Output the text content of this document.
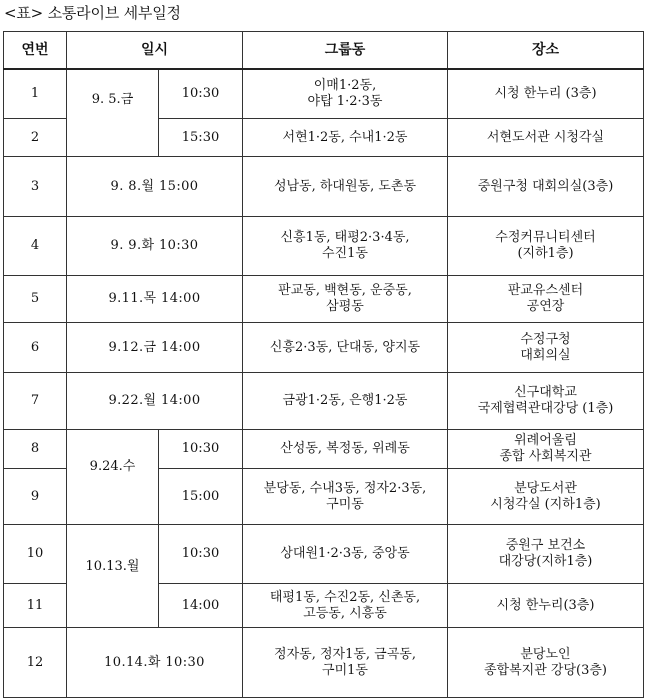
<표> 소통라이브 세부일정
연번	일시		그룹동	장소
1	9. 5.금	10:30	이매1·2동,
야탑 1·2·3동	시청 한누리 (3층)

2		15:30	서현1·2동, 수내1·2동	서현도서관 시청각실

3	9. 8.월 15:00		성남동, 하대원동, 도촌동	중원구청 대회의실(3층)

4	9. 9.화 10:30		신흥1동, 태평2·3·4동,
수진1동	수정커뮤니티센터
(지하1층)

5	9.11.목 14:00		판교동, 백현동, 운중동,
삼평동	판교유스센터
공연장

6	9.12.금 14:00		신흥2·3동, 단대동, 양지동	수정구청
대회의실

7	9.22.월 14:00		금광1·2동, 은행1·2동	신구대학교
국제협력관대강당 (1층)

8	9.24.수	10:30	산성동, 복정동, 위례동	위례어울림
종합 사회복지관

9		15:00	분당동, 수내3동, 정자2·3동,
구미동	분당도서관
시청각실 (지하1층)

10	10.13.월	10:30	상대원1·2·3동, 중앙동	중원구 보건소
대강당(지하1층)

11		14:00	태평1동, 수진2동, 신촌동,
고등동, 시흥동	시청 한누리(3층)

12	10.14.화 10:30		정자동, 정자1동, 금곡동,
구미1동	분당노인
종합복지관 강당(3층)
